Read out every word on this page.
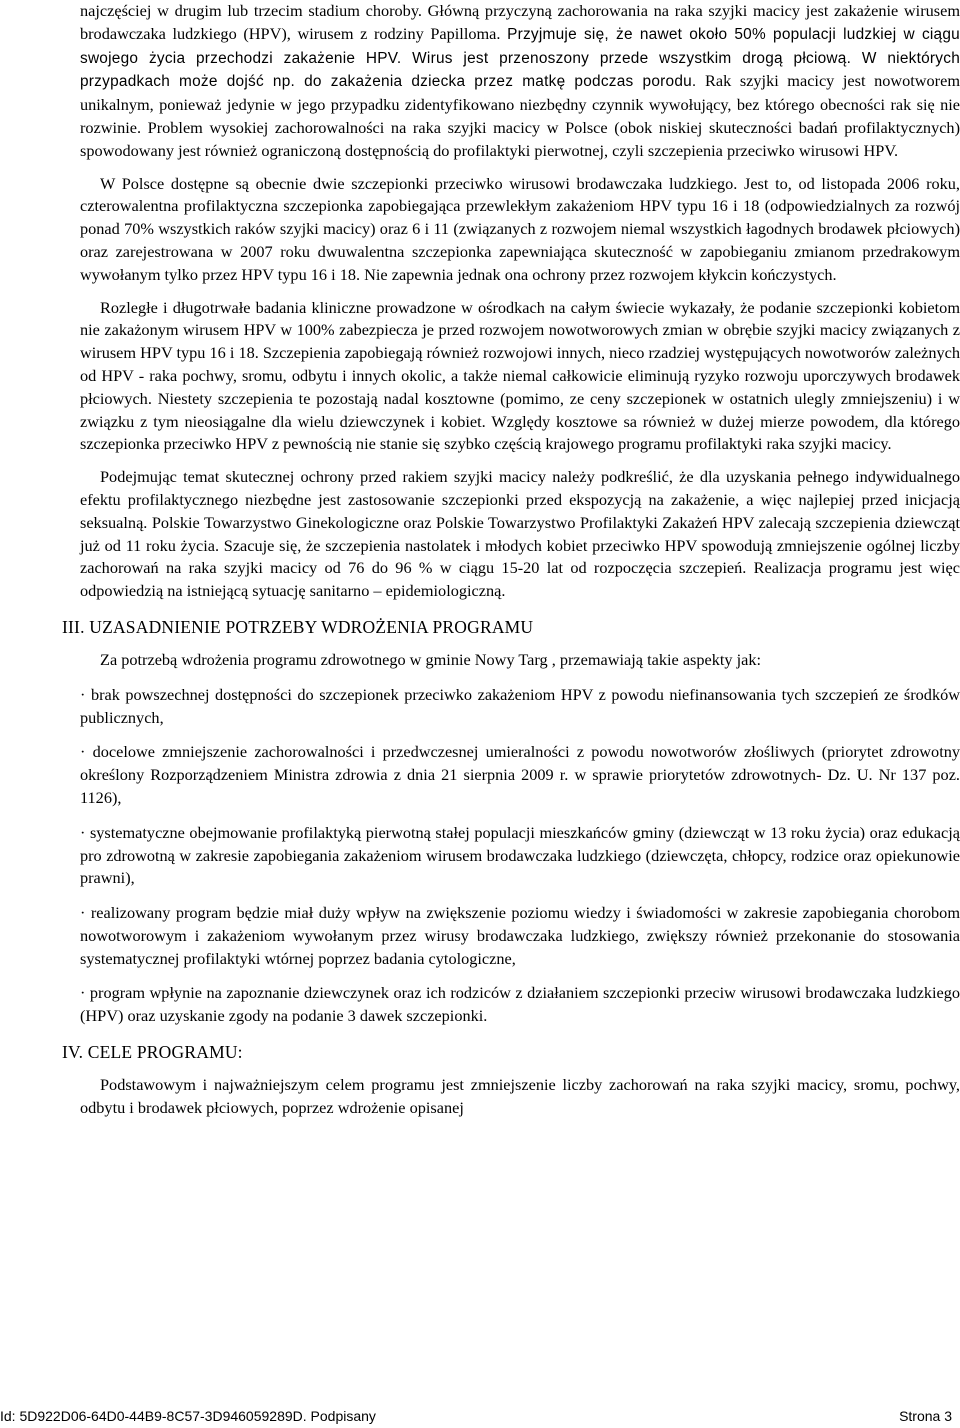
najczęściej w drugim lub trzecim stadium choroby. Główną przyczyną zachorowania na raka szyjki macicy jest zakażenie wirusem brodawczaka ludzkiego (HPV), wirusem z rodziny Papilloma. Przyjmuje się, że nawet około 50% populacji ludzkiej w ciągu swojego życia przechodzi zakażenie HPV. Wirus jest przenoszony przede wszystkim drogą płciową. W niektórych przypadkach może dojść np. do zakażenia dziecka przez matkę podczas porodu. Rak szyjki macicy jest nowotworem unikalnym, ponieważ jedynie w jego przypadku zidentyfikowano niezbędny czynnik wywołujący, bez którego obecności rak się nie rozwinie. Problem wysokiej zachorowalności na raka szyjki macicy w Polsce (obok niskiej skuteczności badań profilaktycznych) spowodowany jest również ograniczoną dostępnością do profilaktyki pierwotnej, czyli szczepienia przeciwko wirusowi HPV.

W Polsce dostępne są obecnie dwie szczepionki przeciwko wirusowi brodawczaka ludzkiego. Jest to, od listopada 2006 roku, czterowalentna profilaktyczna szczepionka zapobiegająca przewlekłym zakażeniom HPV typu 16 i 18 (odpowiedzialnych za rozwój ponad 70% wszystkich raków szyjki macicy) oraz 6 i 11 (związanych z rozwojem niemal wszystkich łagodnych brodawek płciowych) oraz zarejestrowana w 2007 roku dwuwalentna szczepionka zapewniająca skuteczność w zapobieganiu zmianom przedrakowym wywołanym tylko przez HPV typu 16 i 18. Nie zapewnia jednak ona ochrony przez rozwojem kłykcin kończystych.

Rozległe i długotrwałe badania kliniczne prowadzone w ośrodkach na całym świecie wykazały, że podanie szczepionki kobietom nie zakażonym wirusem HPV w 100% zabezpiecza je przed rozwojem nowotworowych zmian w obrębie szyjki macicy związanych z wirusem HPV typu 16 i 18. Szczepienia zapobiegają również rozwojowi innych, nieco rzadziej występujących nowotworów zależnych od HPV - raka pochwy, sromu, odbytu i innych okolic, a także niemal całkowicie eliminują ryzyko rozwoju uporczywych brodawek płciowych. Niestety szczepienia te pozostają nadal kosztowne (pomimo, ze ceny szczepionek w ostatnich ulegly zmniejszeniu) i w związku z tym nieosiągalne dla wielu dziewczynek i kobiet. Względy kosztowe sa również w dużej mierze powodem, dla którego szczepionka przeciwko HPV z pewnością nie stanie się szybko częścią krajowego programu profilaktyki raka szyjki macicy.

Podejmując temat skutecznej ochrony przed rakiem szyjki macicy należy podkreślić, że dla uzyskania pełnego indywidualnego efektu profilaktycznego niezbędne jest zastosowanie szczepionki przed ekspozycją na zakażenie, a więc najlepiej przed inicjacją seksualną. Polskie Towarzystwo Ginekologiczne oraz Polskie Towarzystwo Profilaktyki Zakażeń HPV zalecają szczepienia dziewcząt już od 11 roku życia. Szacuje się, że szczepienia nastolatek i młodych kobiet przeciwko HPV spowodują zmniejszenie ogólnej liczby zachorowań na raka szyjki macicy od 76 do 96 % w ciągu 15-20 lat od rozpoczęcia szczepień. Realizacja programu jest więc odpowiedzią na istniejącą sytuację sanitarno – epidemiologiczną.

III. UZASADNIENIE POTRZEBY WDROŻENIA PROGRAMU

Za potrzebą wdrożenia programu zdrowotnego w gminie Nowy Targ , przemawiają takie aspekty jak:

· brak powszechnej dostępności do szczepionek przeciwko zakażeniom HPV z powodu niefinansowania tych szczepień ze środków publicznych,

· docelowe zmniejszenie zachorowalności i przedwczesnej umieralności z powodu nowotworów złośliwych (priorytet zdrowotny określony Rozporządzeniem Ministra zdrowia z dnia 21 sierpnia 2009 r. w sprawie priorytetów zdrowotnych- Dz. U. Nr 137 poz. 1126),

· systematyczne obejmowanie profilaktyką pierwotną stałej populacji mieszkańców gminy (dziewcząt w 13 roku życia) oraz edukacją pro zdrowotną w zakresie zapobiegania zakażeniom wirusem brodawczaka ludzkiego (dziewczęta, chłopcy, rodzice oraz opiekunowie prawni),

· realizowany program będzie miał duży wpływ na zwiększenie poziomu wiedzy i świadomości w zakresie zapobiegania chorobom nowotworowym i zakażeniom wywołanym przez wirusy brodawczaka ludzkiego, zwiększy również przekonanie do stosowania systematycznej profilaktyki wtórnej poprzez badania cytologiczne,

· program wpłynie na zapoznanie dziewczynek oraz ich rodziców z działaniem szczepionki przeciw wirusowi brodawczaka ludzkiego (HPV) oraz uzyskanie zgody na podanie 3 dawek szczepionki.

IV. CELE PROGRAMU:

Podstawowym i najważniejszym celem programu jest zmniejszenie liczby zachorowań na raka szyjki macicy, sromu, pochwy, odbytu i brodawek płciowych, poprzez wdrożenie opisanej

Id: 5D922D06-64D0-44B9-8C57-3D946059289D. Podpisany	Strona 3
